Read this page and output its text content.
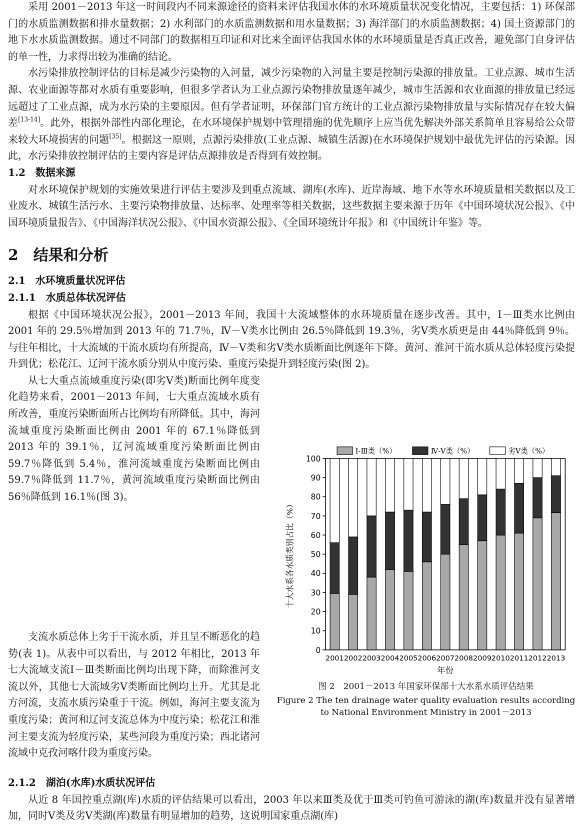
采用 2001－2013 年这一时间段内不同来源途径的资料来评估我国水体的水环境质量状况变化情况，主要包括：1) 环保部门的水质监测数据和排水量数据；2) 水利部门的水质监测数据和用水量数据；3) 海洋部门的水质监测数据；4) 国土资源部门的地下水水质监测数据。通过不同部门的数据相互印证和对比来全面评估我国水体的水环境质量是否真正改善，避免部门自身评估的单一性，力求得出较为准确的结论。

水污染排放控制评估的目标是减少污染物的入河量，减少污染物的入河量主要是控制污染源的排放量。工业点源、城市生活源、农业面源等都对水质有重要影响，但很多学者认为工业点源污染物排放量逐年减少，城市生活源和农业面源的排放量已经远远超过了工业点源，成为水污染的主要原因。但有学者证明，环保部门官方统计的工业点源污染物排放量与实际情况存在较大偏差[13-14]。此外，根据外部性内部化理论，在水环境保护规划中管理措施的优先顺序上应当优先解决外部关系简单且容易给公众带来较大环境损害的问题[35]。根据这一原则，点源污染排放(工业点源、城镇生活源)在水环境保护规划中最优先评估的污染源。因此，水污染排放控制评估的主要内容是评估点源排放是否得到有效控制。

1.2　数据来源

对水环境保护规划的实施效果进行评估主要涉及到重点流域、湖库(水库)、近岸海域、地下水等水环境质量相关数据以及工业废水、城镇生活污水、主要污染物排放量、达标率、处理率等相关数据，这些数据主要来源于历年《中国环境状况公报》、《中国环境质量报告》、《中国海洋状况公报》、《中国水资源公报》、《全国环境统计年报》和《中国统计年鉴》等。

2　结果和分析

2.1　水环境质量状况评估

2.1.1　水质总体状况评估

根据《中国环境状况公报》，2001－2013 年间，我国十大流域整体的水环境质量在逐步改善。其中，Ⅰ－Ⅲ类水比例由 2001 年的 29.5％增加到 2013 年的 71.7％，Ⅳ－Ⅴ类水比例由 26.5％降低到 19.3％，劣Ⅴ类水质更是由 44％降低到 9％。与往年相比，十大流域的干流水质均有所提高，Ⅳ－Ⅴ类和劣Ⅴ类水质断面比例逐年下降。黄河、淮河干流水质从总体轻度污染提升到优；松花江、辽河干流水质分别从中度污染、重度污染提升到轻度污染(图 2)。

从七大重点流域重度污染(即劣Ⅴ类)断面比例年度变化趋势来看，2001－2013 年间，七大重点流域水质有所改善，重度污染断面所占比例均有所降低。其中，海河流域重度污染断面比例由 2001 年的 67.1％降低到 2013 年的 39.1％，辽河流域重度污染断面比例由 59.7％降低到 5.4％，淮河流域重度污染断面比例由 59.7％降低到 11.7％，黄河流域重度污染断面比例由 56％降低到 16.1％(图 3)。

0
10
20
30
40
50
60
70
80
90
100
十大水系各水质类别占比（%）
2001 2002 2003 2004 2005 2006 2007 2008 2009 2010 2011 2012 2013
年份
Ⅰ-Ⅲ类（%）	Ⅳ-Ⅴ类（%）	劣Ⅴ类（%）
图 2　2001－2013 年国家环保部十大水系水质评估结果
Figure 2 The ten drainage water quality evaluation results according
to National Environment Ministry in 2001－2013

支流水质总体上劣于干流水质，并且呈不断恶化的趋势(表 1)。从表中可以看出，与 2012 年相比，2013 年七大流域支流Ⅰ－Ⅲ类断面比例均出现下降，而除淮河支流以外，其他七大流域劣Ⅴ类断面比例均上升。尤其是北方河流，支流水质污染重于干流。例如，海河主要支流为重度污染；黄河和辽河支流总体为中度污染；松花江和淮河主要支流为轻度污染，某些河段为重度污染；西北诸河流域中克孜河喀什段为重度污染。

2.1.2　湖泊(水库)水质状况评估

从近 8 年国控重点湖(库)水质的评估结果可以看出，2003 年以来Ⅲ类及优于Ⅲ类可钓鱼可游泳的湖(库)数量并没有显著增加，同时Ⅴ类及劣Ⅴ类湖(库)数量有明显增加的趋势，这说明国家重点湖(库)
